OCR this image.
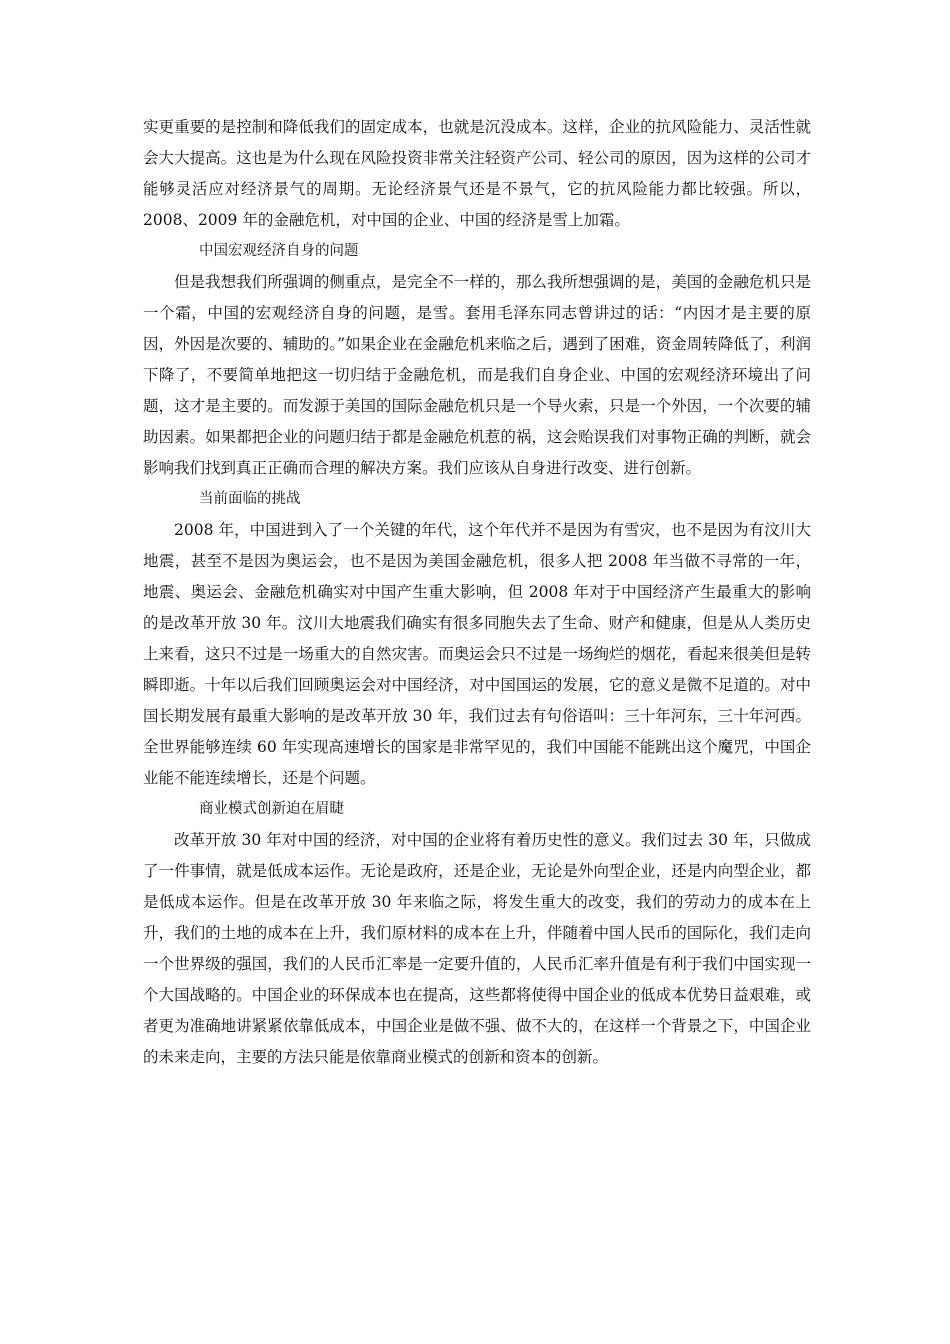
实更重要的是控制和降低我们的固定成本，也就是沉没成本。这样，企业的抗风险能力、灵活性就会大大提高。这也是为什么现在风险投资非常关注轻资产公司、轻公司的原因，因为这样的公司才能够灵活应对经济景气的周期。无论经济景气还是不景气，它的抗风险能力都比较强。所以，2008、2009 年的金融危机，对中国的企业、中国的经济是雪上加霜。

中国宏观经济自身的问题

但是我想我们所强调的侧重点，是完全不一样的，那么我所想强调的是，美国的金融危机只是一个霜，中国的宏观经济自身的问题，是雪。套用毛泽东同志曾讲过的话：“内因才是主要的原因，外因是次要的、辅助的。”如果企业在金融危机来临之后，遇到了困难，资金周转降低了，利润下降了，不要简单地把这一切归结于金融危机，而是我们自身企业、中国的宏观经济环境出了问题，这才是主要的。而发源于美国的国际金融危机只是一个导火索，只是一个外因，一个次要的辅助因素。如果都把企业的问题归结于都是金融危机惹的祸，这会贻误我们对事物正确的判断，就会影响我们找到真正正确而合理的解决方案。我们应该从自身进行改变、进行创新。

当前面临的挑战

2008 年，中国进到入了一个关键的年代，这个年代并不是因为有雪灾，也不是因为有汶川大地震，甚至不是因为奥运会，也不是因为美国金融危机，很多人把 2008 年当做不寻常的一年，地震、奥运会、金融危机确实对中国产生重大影响，但 2008 年对于中国经济产生最重大的影响的是改革开放 30 年。汶川大地震我们确实有很多同胞失去了生命、财产和健康，但是从人类历史上来看，这只不过是一场重大的自然灾害。而奥运会只不过是一场绚烂的烟花，看起来很美但是转瞬即逝。十年以后我们回顾奥运会对中国经济，对中国国运的发展，它的意义是微不足道的。对中国长期发展有最重大影响的是改革开放 30 年，我们过去有句俗语叫：三十年河东，三十年河西。全世界能够连续 60 年实现高速增长的国家是非常罕见的，我们中国能不能跳出这个魔咒，中国企业能不能连续增长，还是个问题。

商业模式创新迫在眉睫

改革开放 30 年对中国的经济，对中国的企业将有着历史性的意义。我们过去 30 年，只做成了一件事情，就是低成本运作。无论是政府，还是企业，无论是外向型企业，还是内向型企业，都是低成本运作。但是在改革开放 30 年来临之际，将发生重大的改变，我们的劳动力的成本在上升，我们的土地的成本在上升，我们原材料的成本在上升，伴随着中国人民币的国际化，我们走向一个世界级的强国，我们的人民币汇率是一定要升值的，人民币汇率升值是有利于我们中国实现一个大国战略的。中国企业的环保成本也在提高，这些都将使得中国企业的低成本优势日益艰难，或者更为准确地讲紧紧依靠低成本，中国企业是做不强、做不大的，在这样一个背景之下，中国企业的未来走向，主要的方法只能是依靠商业模式的创新和资本的创新。
